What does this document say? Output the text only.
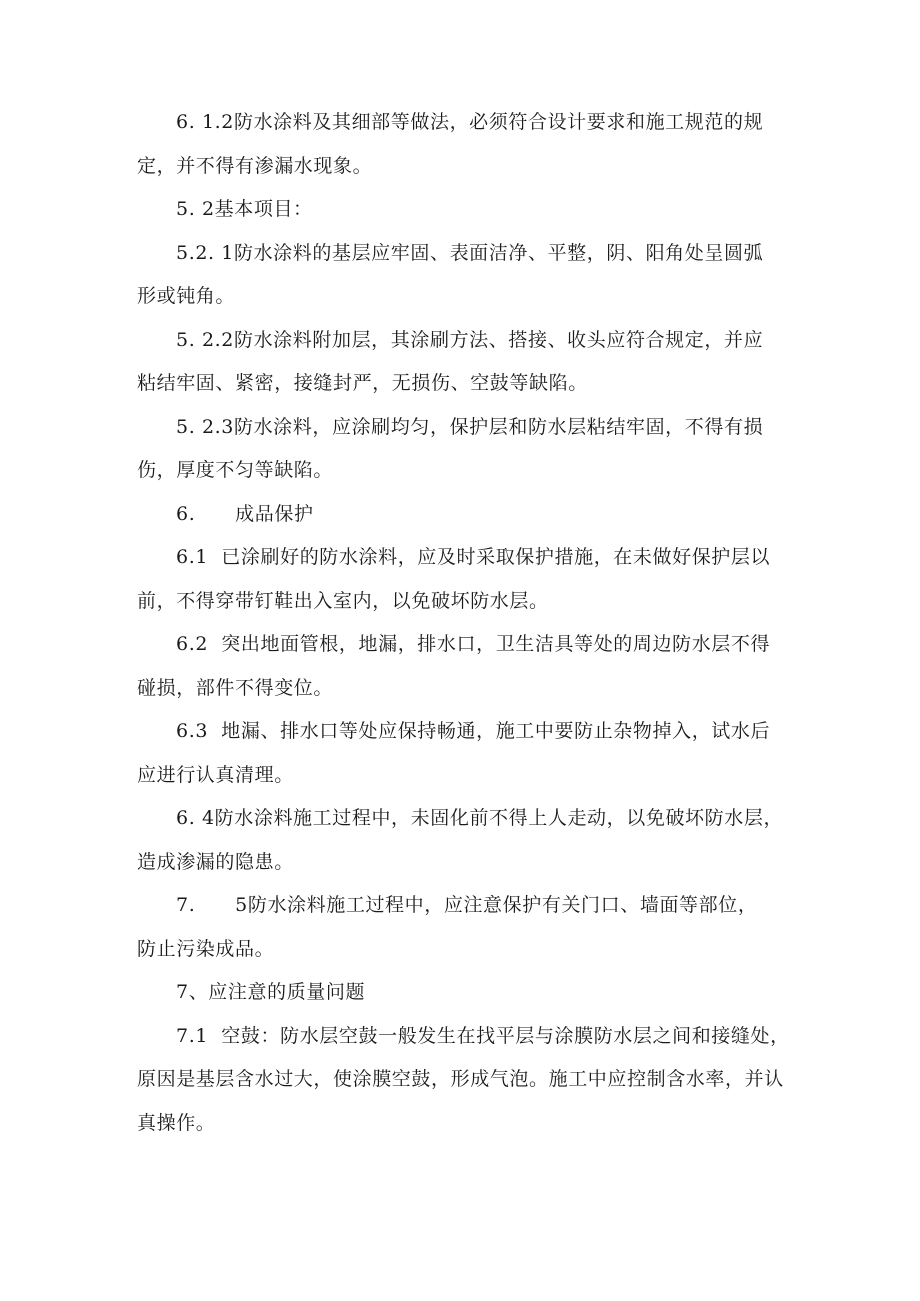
6. 1.2防水涂料及其细部等做法，必须符合设计要求和施工规范的规
定，并不得有渗漏水现象。
5. 2基本项目：
5.2. 1防水涂料的基层应牢固、表面洁净、平整，阴、阳角处呈圆弧
形或钝角。
5. 2.2防水涂料附加层，其涂刷方法、搭接、收头应符合规定，并应
粘结牢固、紧密，接缝封严，无损伤、空鼓等缺陷。
5. 2.3防水涂料，应涂刷均匀，保护层和防水层粘结牢固，不得有损
伤，厚度不匀等缺陷。
6.      成品保护
6.1  已涂刷好的防水涂料，应及时采取保护措施，在未做好保护层以
前，不得穿带钉鞋出入室内，以免破坏防水层。
6.2  突出地面管根，地漏，排水口，卫生洁具等处的周边防水层不得
碰损，部件不得变位。
6.3  地漏、排水口等处应保持畅通，施工中要防止杂物掉入，试水后
应进行认真清理。
6. 4防水涂料施工过程中，未固化前不得上人走动，以免破坏防水层，
造成渗漏的隐患。
7.      5防水涂料施工过程中，应注意保护有关门口、墙面等部位，
防止污染成品。
7、应注意的质量问题
7.1  空鼓：防水层空鼓一般发生在找平层与涂膜防水层之间和接缝处，
原因是基层含水过大，使涂膜空鼓，形成气泡。施工中应控制含水率，并认
真操作。
